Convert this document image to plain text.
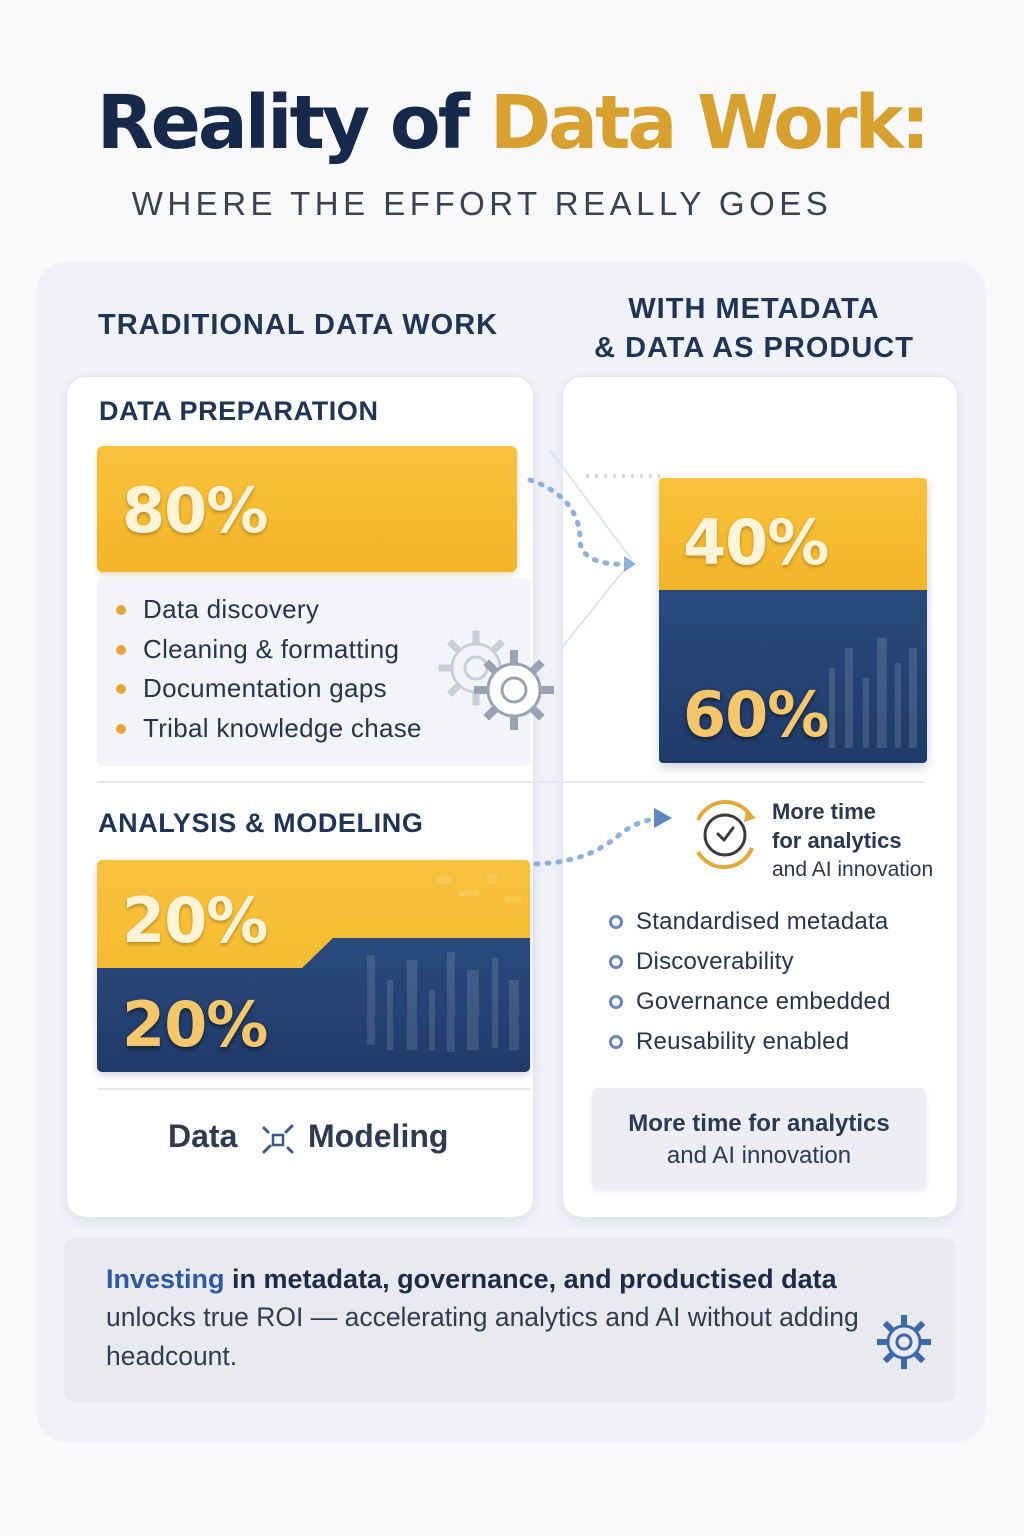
Reality of Data Work:
WHERE THE EFFORT REALLY GOES
TRADITIONAL DATA WORK	WITH METADATA
& DATA AS PRODUCT
DATA PREPARATION
80%
Data discovery
Cleaning & formatting
Documentation gaps
Tribal knowledge chase
ANALYSIS & MODELING
20%
20%
Data Modeling
40%
60%
More time
for analytics
and AI innovation
Standardised metadata
Discoverability
Governance embedded
Reusability enabled
More time for analytics
and AI innovation
Investing in metadata, governance, and productised data
unlocks true ROI — accelerating analytics and AI without adding headcount.
